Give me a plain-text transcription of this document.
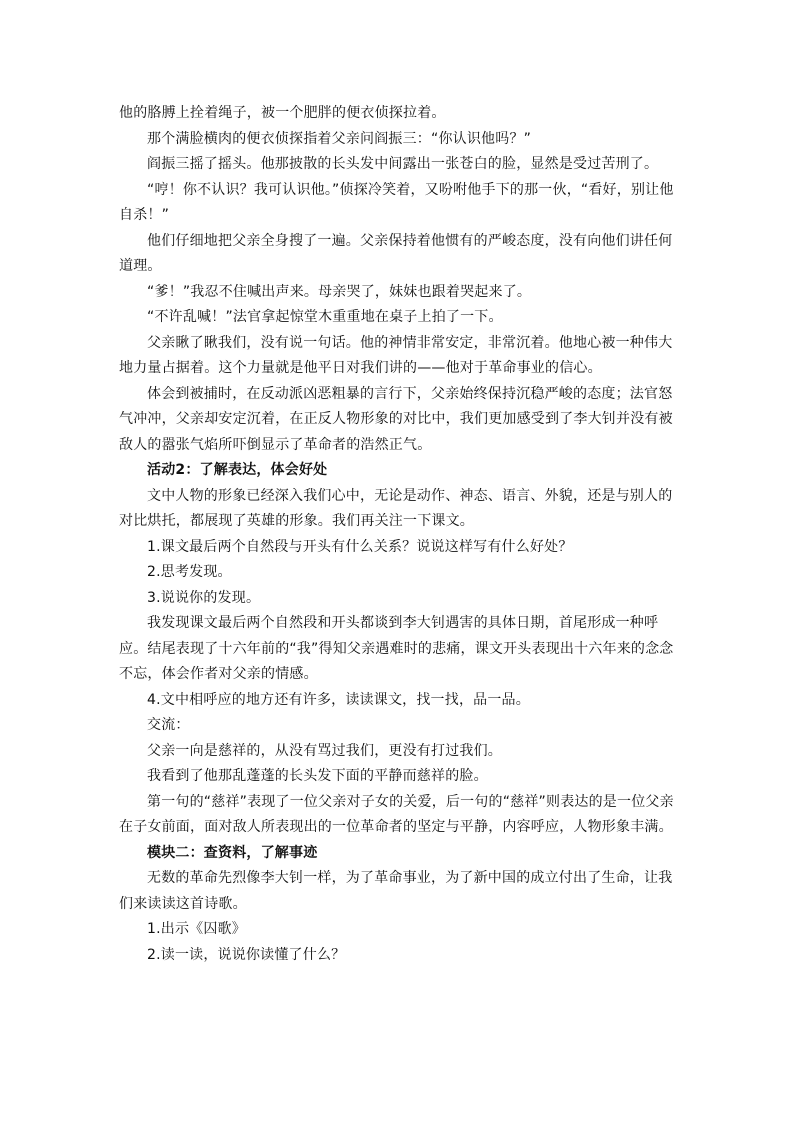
他的胳膊上拴着绳子，被一个肥胖的便衣侦探拉着。

那个满脸横肉的便衣侦探指着父亲问阎振三：“你认识他吗？”

阎振三摇了摇头。他那披散的长头发中间露出一张苍白的脸，显然是受过苦刑了。

“哼！你不认识？我可认识他。”侦探冷笑着，又吩咐他手下的那一伙，“看好，别让他自杀！”

他们仔细地把父亲全身搜了一遍。父亲保持着他惯有的严峻态度，没有向他们讲任何道理。

“爹！”我忍不住喊出声来。母亲哭了，妹妹也跟着哭起来了。

“不许乱喊！”法官拿起惊堂木重重地在桌子上拍了一下。

父亲瞅了瞅我们，没有说一句话。他的神情非常安定，非常沉着。他地心被一种伟大地力量占据着。这个力量就是他平日对我们讲的——他对于革命事业的信心。

体会到被捕时，在反动派凶恶粗暴的言行下，父亲始终保持沉稳严峻的态度；法官怒气冲冲，父亲却安定沉着，在正反人物形象的对比中，我们更加感受到了李大钊并没有被敌人的嚣张气焰所吓倒显示了革命者的浩然正气。

活动2：了解表达，体会好处

文中人物的形象已经深入我们心中，无论是动作、神态、语言、外貌，还是与别人的对比烘托，都展现了英雄的形象。我们再关注一下课文。

1.课文最后两个自然段与开头有什么关系？说说这样写有什么好处？

2.思考发现。

3.说说你的发现。

我发现课文最后两个自然段和开头都谈到李大钊遇害的具体日期，首尾形成一种呼应。结尾表现了十六年前的“我”得知父亲遇难时的悲痛，课文开头表现出十六年来的念念不忘，体会作者对父亲的情感。

4.文中相呼应的地方还有许多，读读课文，找一找，品一品。

交流：

父亲一向是慈祥的，从没有骂过我们，更没有打过我们。

我看到了他那乱蓬蓬的长头发下面的平静而慈祥的脸。

第一句的“慈祥”表现了一位父亲对子女的关爱，后一句的“慈祥”则表达的是一位父亲在子女前面，面对敌人所表现出的一位革命者的坚定与平静，内容呼应，人物形象丰满。

模块二：查资料，了解事迹

无数的革命先烈像李大钊一样，为了革命事业，为了新中国的成立付出了生命，让我们来读读这首诗歌。

1.出示《囚歌》

2.读一读，说说你读懂了什么？
